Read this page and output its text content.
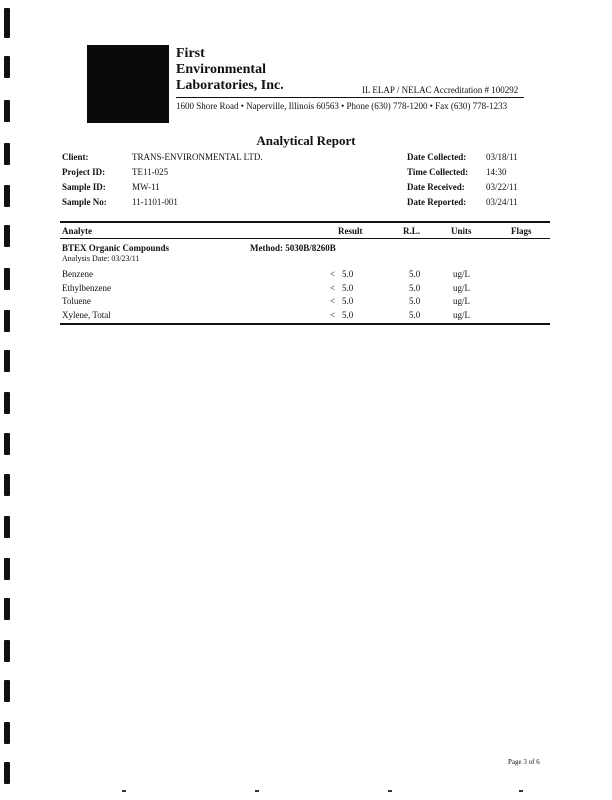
First
Environmental
Laboratories, Inc.	IL ELAP / NELAC Accreditation # 100292
1600 Shore Road • Naperville, Illinois 60563 • Phone (630) 778-1200 • Fax (630) 778-1233
Analytical Report
Client:	TRANS-ENVIRONMENTAL LTD.
Project ID:	TE11-025
Sample ID:	MW-11
Sample No:	11-1101-001
Date Collected: 03/18/11
Time Collected: 14:30
Date Received: 03/22/11
Date Reported: 03/24/11
Analyte	Result	R.L.	Units	Flags
BTEX Organic Compounds	Method: 5030B/8260B
Analysis Date: 03/23/11
Benzene	< 5.0	5.0	ug/L
Ethylbenzene	< 5.0	5.0	ug/L
Toluene	< 5.0	5.0	ug/L
Xylene, Total	< 5.0	5.0	ug/L
Page 3 of 6
